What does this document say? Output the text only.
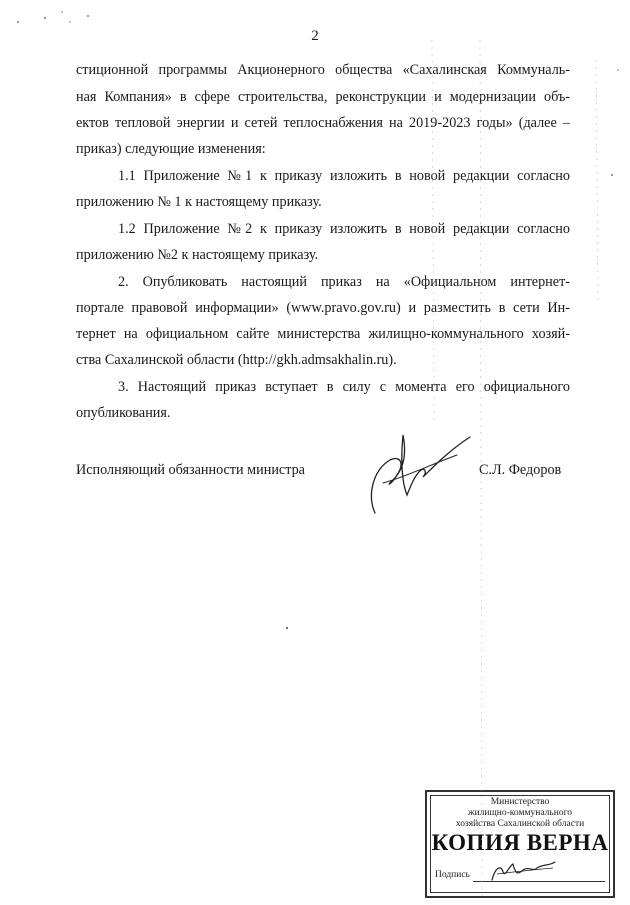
2
стиционной программы Акционерного общества «Сахалинская Коммуналь-
ная Компания» в сфере строительства, реконструкции и модернизации объ-
ектов тепловой энергии и сетей теплоснабжения на 2019-2023 годы» (далее –
приказ) следующие изменения:
1.1 Приложение №1 к приказу изложить в новой редакции согласно
приложению № 1 к настоящему приказу.
1.2 Приложение №2 к приказу изложить в новой редакции согласно
приложению №2 к настоящему приказу.
2. Опубликовать настоящий приказ на «Официальном интернет-
портале правовой информации» (www.pravo.gov.ru) и разместить в сети Ин-
тернет на официальном сайте министерства жилищно-коммунального хозяй-
ства Сахалинской области (http://gkh.admsakhalin.ru).
3. Настоящий приказ вступает в силу с момента его официального
опубликования.
Исполняющий обязанности министра	С.Л. Федоров
Министерство
жилищно-коммунального
хозяйства Сахалинской области
КОПИЯ ВЕРНА
Подпись
